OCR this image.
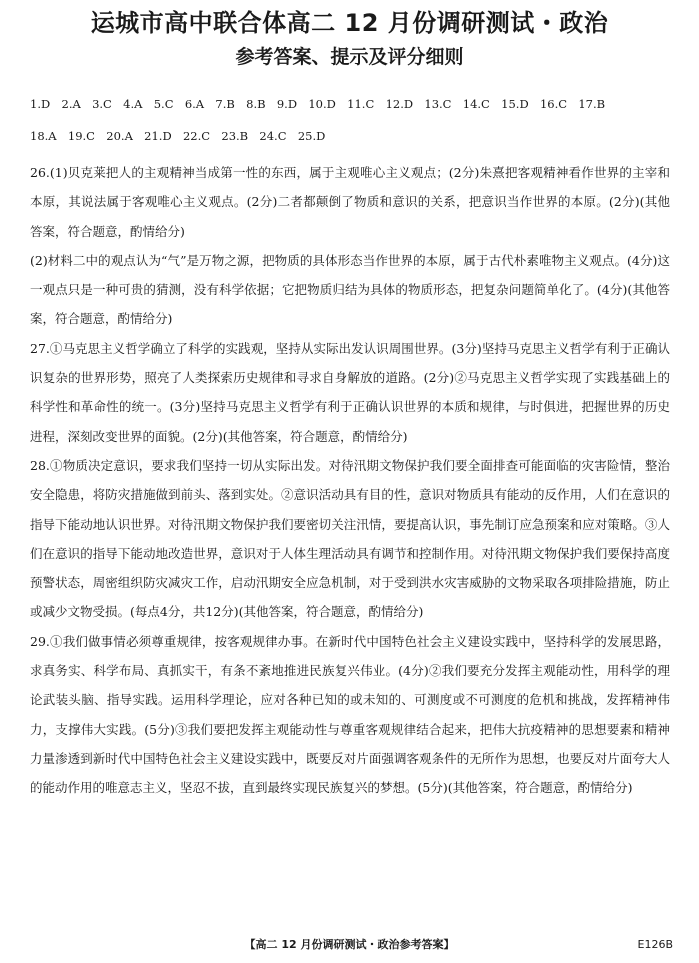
运城市高中联合体高二 12 月份调研测试・政治
参考答案、提示及评分细则
1.D 2.A 3.C 4.A 5.C 6.A 7.B 8.B 9.D 10.D 11.C 12.D 13.C 14.C 15.D 16.C 17.B
18.A 19.C 20.A 21.D 22.C 23.B 24.C 25.D

26.(1)贝克莱把人的主观精神当成第一性的东西，属于主观唯心主义观点；(2分)朱熹把客观精神看作世界的主宰和本原，其说法属于客观唯心主义观点。(2分)二者都颠倒了物质和意识的关系，把意识当作世界的本原。(2分)(其他答案，符合题意，酌情给分)

(2)材料二中的观点认为“气”是万物之源，把物质的具体形态当作世界的本原，属于古代朴素唯物主义观点。(4分)这一观点只是一种可贵的猜测，没有科学依据；它把物质归结为具体的物质形态，把复杂问题简单化了。(4分)(其他答案，符合题意，酌情给分)

27.①马克思主义哲学确立了科学的实践观，坚持从实际出发认识周围世界。(3分)坚持马克思主义哲学有利于正确认识复杂的世界形势，照亮了人类探索历史规律和寻求自身解放的道路。(2分)②马克思主义哲学实现了实践基础上的科学性和革命性的统一。(3分)坚持马克思主义哲学有利于正确认识世界的本质和规律，与时俱进，把握世界的历史进程，深刻改变世界的面貌。(2分)(其他答案，符合题意，酌情给分)

28.①物质决定意识，要求我们坚持一切从实际出发。对待汛期文物保护我们要全面排查可能面临的灾害险情，整治安全隐患，将防灾措施做到前头、落到实处。②意识活动具有目的性，意识对物质具有能动的反作用，人们在意识的指导下能动地认识世界。对待汛期文物保护我们要密切关注汛情，要提高认识，事先制订应急预案和应对策略。③人们在意识的指导下能动地改造世界，意识对于人体生理活动具有调节和控制作用。对待汛期文物保护我们要保持高度预警状态，周密组织防灾减灾工作，启动汛期安全应急机制，对于受到洪水灾害威胁的文物采取各项排险措施，防止或减少文物受损。(每点4分，共12分)(其他答案，符合题意，酌情给分)

29.①我们做事情必须尊重规律，按客观规律办事。在新时代中国特色社会主义建设实践中，坚持科学的发展思路，求真务实、科学布局、真抓实干，有条不紊地推进民族复兴伟业。(4分)②我们要充分发挥主观能动性，用科学的理论武装头脑、指导实践。运用科学理论，应对各种已知的或未知的、可测度或不可测度的危机和挑战，发挥精神伟力，支撑伟大实践。(5分)③我们要把发挥主观能动性与尊重客观规律结合起来，把伟大抗疫精神的思想要素和精神力量渗透到新时代中国特色社会主义建设实践中，既要反对片面强调客观条件的无所作为思想，也要反对片面夸大人的能动作用的唯意志主义，坚忍不拔，直到最终实现民族复兴的梦想。(5分)(其他答案，符合题意，酌情给分)

【高二 12 月份调研测试・政治参考答案】	E126B
